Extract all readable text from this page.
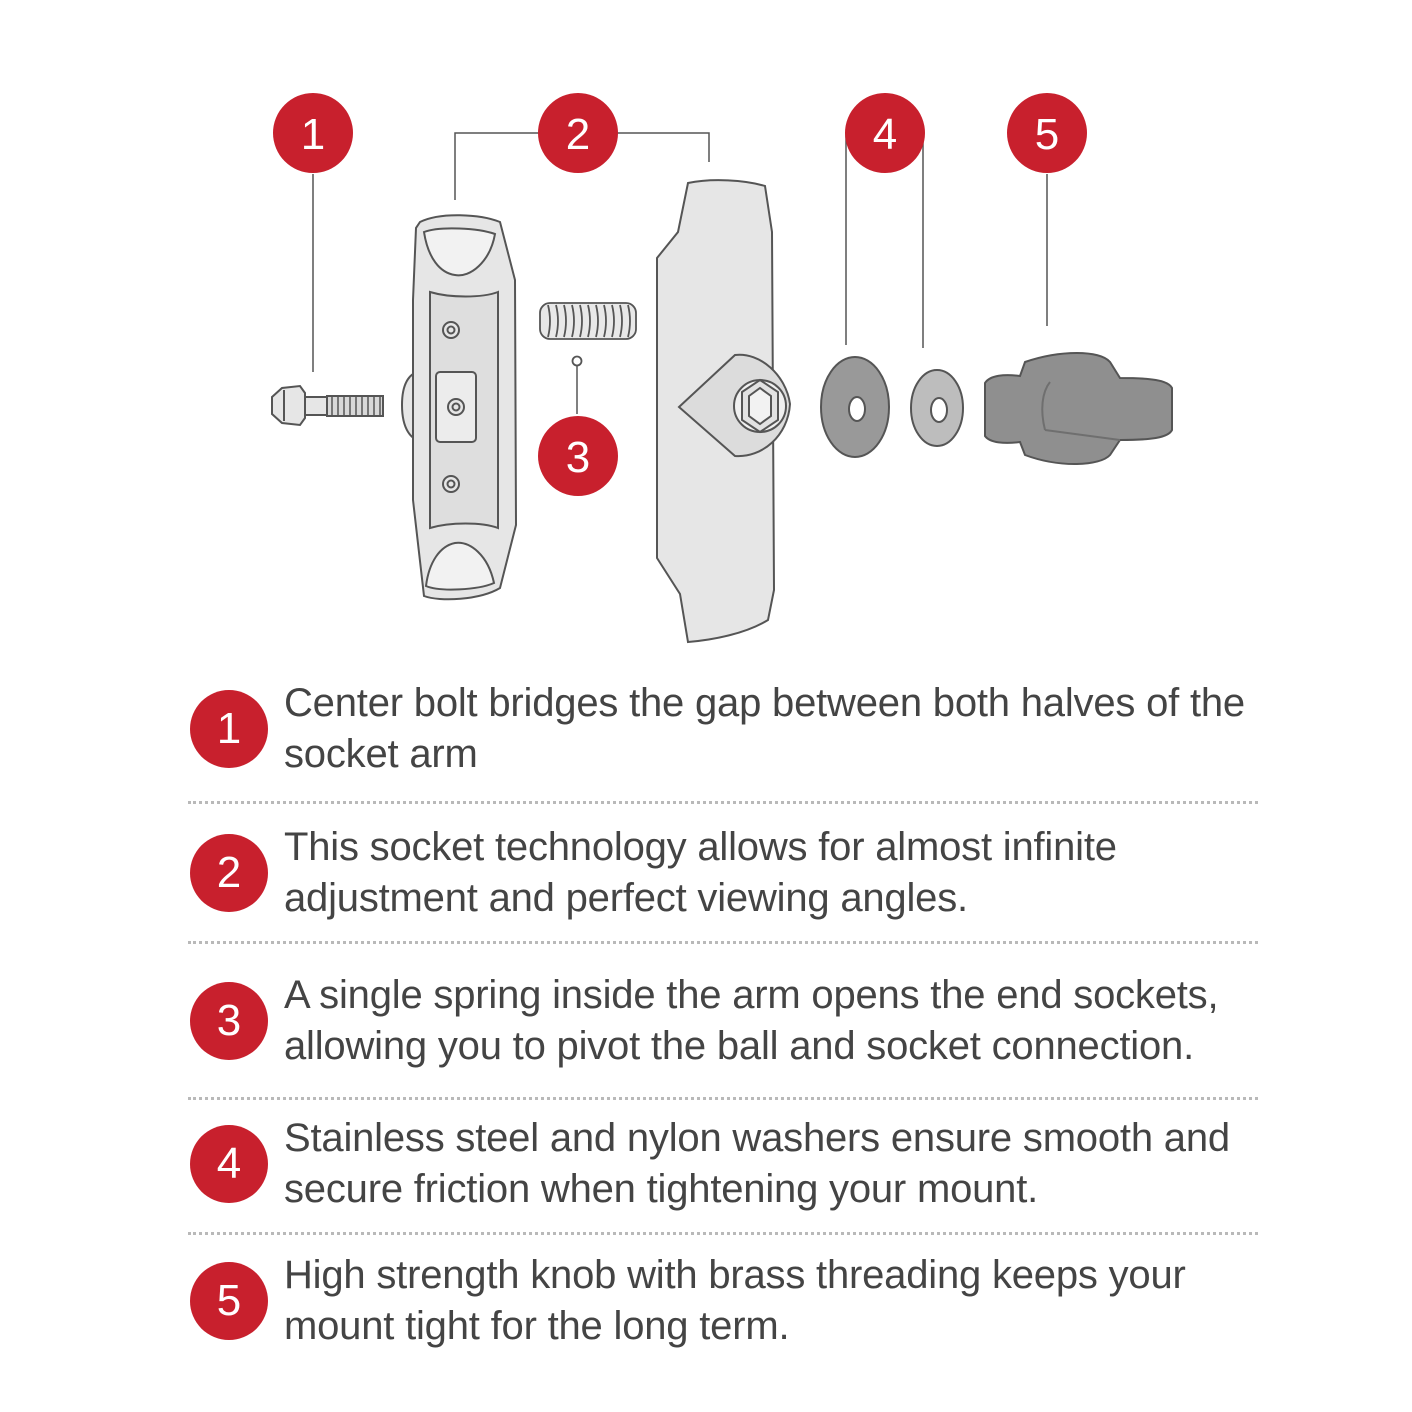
1	2
3
4	5
1
Center bolt bridges the gap between both halves of the socket arm
2
This socket technology allows for almost infinite adjustment and perfect viewing angles.
3
A single spring inside the arm opens the end sockets, allowing you to pivot the ball and socket connection.
4
Stainless steel and nylon washers ensure smooth and secure friction when tightening your mount.
5
High strength knob with brass threading keeps your mount tight for the long term.
